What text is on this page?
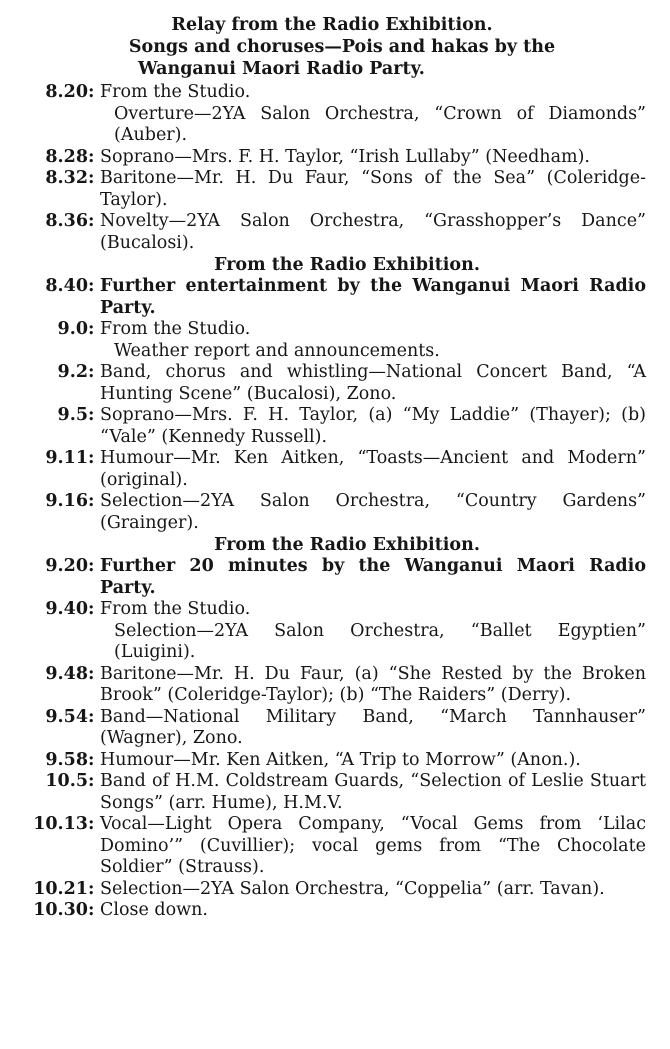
Relay from the Radio Exhibition.

Songs and choruses—Pois and hakas by the

Wanganui Maori Radio Party.

8.20 : From the Studio.

Overture—2YA Salon Orchestra, “Crown of Diamonds” (Auber).

8.28 : Soprano—Mrs. F. H. Taylor, “Irish Lullaby” (Needham).

8.32 : Baritone—Mr. H. Du Faur, “Sons of the Sea” (Coleridge-Taylor).

8.36 : Novelty—2YA Salon Orchestra, “Grasshopper’s Dance” (Bucalosi).

From the Radio Exhibition.

8.40 : Further entertainment by the Wanganui Maori Radio Party.

9.0 : From the Studio.

Weather report and announcements.

9.2 : Band, chorus and whistling—National Concert Band, “A Hunting Scene” (Bucalosi), Zono.

9.5 : Soprano—Mrs. F. H. Taylor, (a) “My Laddie” (Thayer); (b) “Vale” (Kennedy Russell).

9.11 : Humour—Mr. Ken Aitken, “Toasts—Ancient and Modern” (original).

9.16 : Selection—2YA Salon Orchestra, “Country Gardens” (Grainger).

From the Radio Exhibition.

9.20 : Further 20 minutes by the Wanganui Maori Radio Party.

9.40 : From the Studio.

Selection—2YA Salon Orchestra, “Ballet Egyptien” (Luigini).

9.48 : Baritone—Mr. H. Du Faur, (a) “She Rested by the Broken Brook” (Coleridge-Taylor); (b) “The Raiders” (Derry).

9.54 : Band—National Military Band, “March Tannhauser” (Wagner), Zono.

9.58 : Humour—Mr. Ken Aitken, “A Trip to Morrow” (Anon.).

10.5 : Band of H.M. Coldstream Guards, “Selection of Leslie Stuart Songs” (arr. Hume), H.M.V.

10.13 : Vocal—Light Opera Company, “Vocal Gems from ‘Lilac Domino’” (Cuvillier); vocal gems from “The Chocolate Soldier” (Strauss).

10.21 : Selection—2YA Salon Orchestra, “Coppelia” (arr. Tavan).

10.30 : Close down.
